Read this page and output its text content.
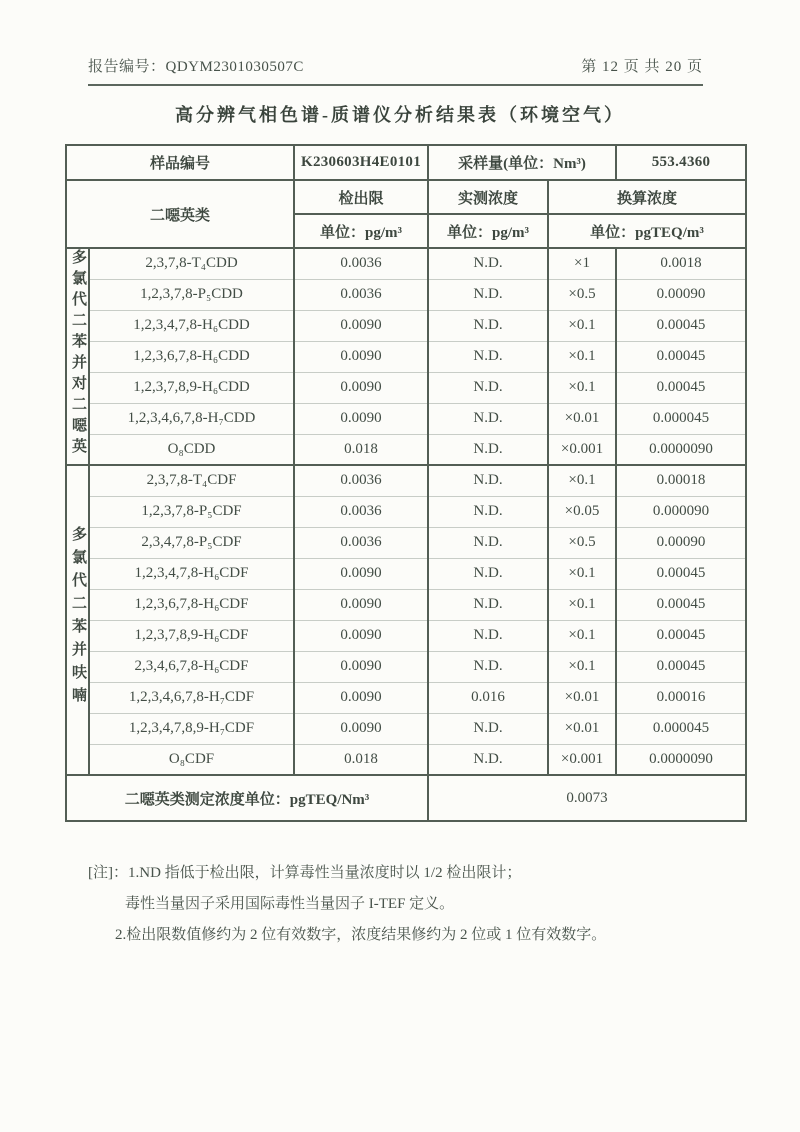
报告编号：QDYM2301030507C	第 12 页 共 20 页
高分辨气相色谱-质谱仪分析结果表（环境空气）
样品编号		K230603H4E0101	采样量(单位：Nm³)		553.4360
二噁英类		检出限	实测浓度	换算浓度	
		单位：pg/m³	单位：pg/m³	单位：pgTEQ/m³	
多氯代二苯并对二噁英	2,3,7,8-T₄CDD	0.0036	N.D.	×1	0.0018
	1,2,3,7,8-P₅CDD	0.0036	N.D.	×0.5	0.00090
	1,2,3,4,7,8-H₆CDD	0.0090	N.D.	×0.1	0.00045
	1,2,3,6,7,8-H₆CDD	0.0090	N.D.	×0.1	0.00045
	1,2,3,7,8,9-H₆CDD	0.0090	N.D.	×0.1	0.00045
	1,2,3,4,6,7,8-H₇CDD	0.0090	N.D.	×0.01	0.000045
	O₈CDD	0.018	N.D.	×0.001	0.0000090
多氯代二苯并呋喃	2,3,7,8-T₄CDF	0.0036	N.D.	×0.1	0.00018
	1,2,3,7,8-P₅CDF	0.0036	N.D.	×0.05	0.000090
	2,3,4,7,8-P₅CDF	0.0036	N.D.	×0.5	0.00090
	1,2,3,4,7,8-H₆CDF	0.0090	N.D.	×0.1	0.00045
	1,2,3,6,7,8-H₆CDF	0.0090	N.D.	×0.1	0.00045
	1,2,3,7,8,9-H₆CDF	0.0090	N.D.	×0.1	0.00045
	2,3,4,6,7,8-H₆CDF	0.0090	N.D.	×0.1	0.00045
	1,2,3,4,6,7,8-H₇CDF	0.0090	0.016	×0.01	0.00016
	1,2,3,4,7,8,9-H₇CDF	0.0090	N.D.	×0.01	0.000045
	O₈CDF	0.018	N.D.	×0.001	0.0000090
二噁英类测定浓度单位：pgTEQ/Nm³			0.0073		
[注]：1.ND 指低于检出限，计算毒性当量浓度时以 1/2 检出限计；
毒性当量因子采用国际毒性当量因子 I-TEF 定义。
2.检出限数值修约为 2 位有效数字，浓度结果修约为 2 位或 1 位有效数字。
